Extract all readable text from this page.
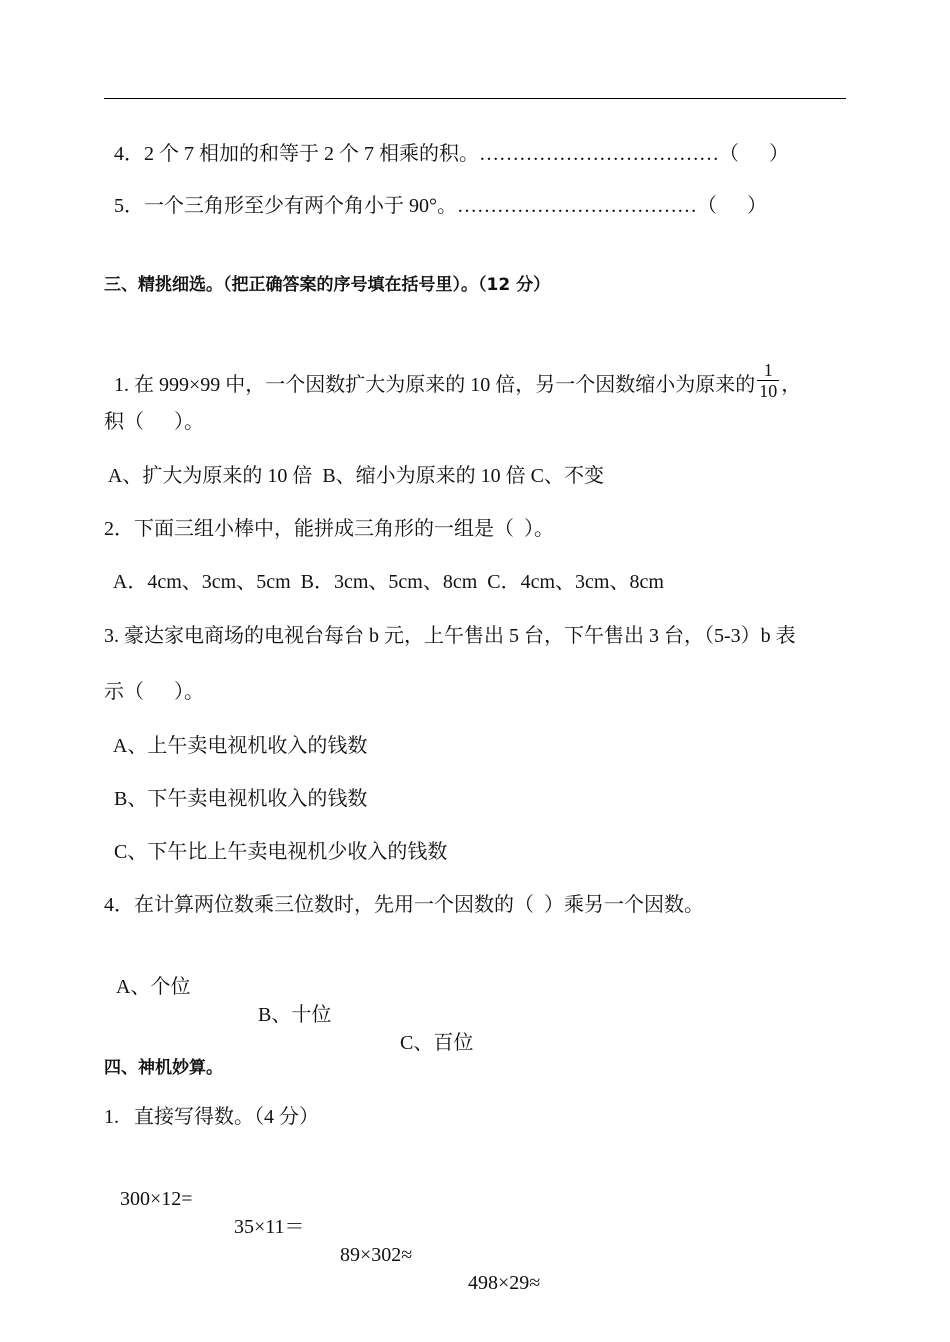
4．2 个 7 相加的和等于 2 个 7 相乘的积。………………………………（　  ）

5．一个三角形至少有两个角小于 90°。………………………………（　  ）

三、精挑细选。（把正确答案的序号填在括号里）。（12 分）

1. 在 999×99 中，一个因数扩大为原来的 10 倍，另一个因数缩小为原来的 $\frac{1}{10}$ ，

积（　  ）。
A、扩大为原来的 10 倍  B、缩小为原来的 10 倍 C、不变
2．下面三组小棒中，能拼成三角形的一组是（  ）。
A．4cm、3cm、5cm  B．3cm、5cm、8cm  C．4cm、3cm、8cm
3. 豪达家电商场的电视台每台 b 元，上午售出 5 台，下午售出 3 台，（5-3）b 表
示（　  ）。
A、上午卖电视机收入的钱数
B、下午卖电视机收入的钱数
C、下午比上午卖电视机少收入的钱数
4．在计算两位数乘三位数时，先用一个因数的（  ）乘另一个因数。

A、个位

B、十位

C、百位

四、神机妙算。
1.   直接写得数。（4 分）

300×12=

35×11＝

89×302≈

498×29≈
